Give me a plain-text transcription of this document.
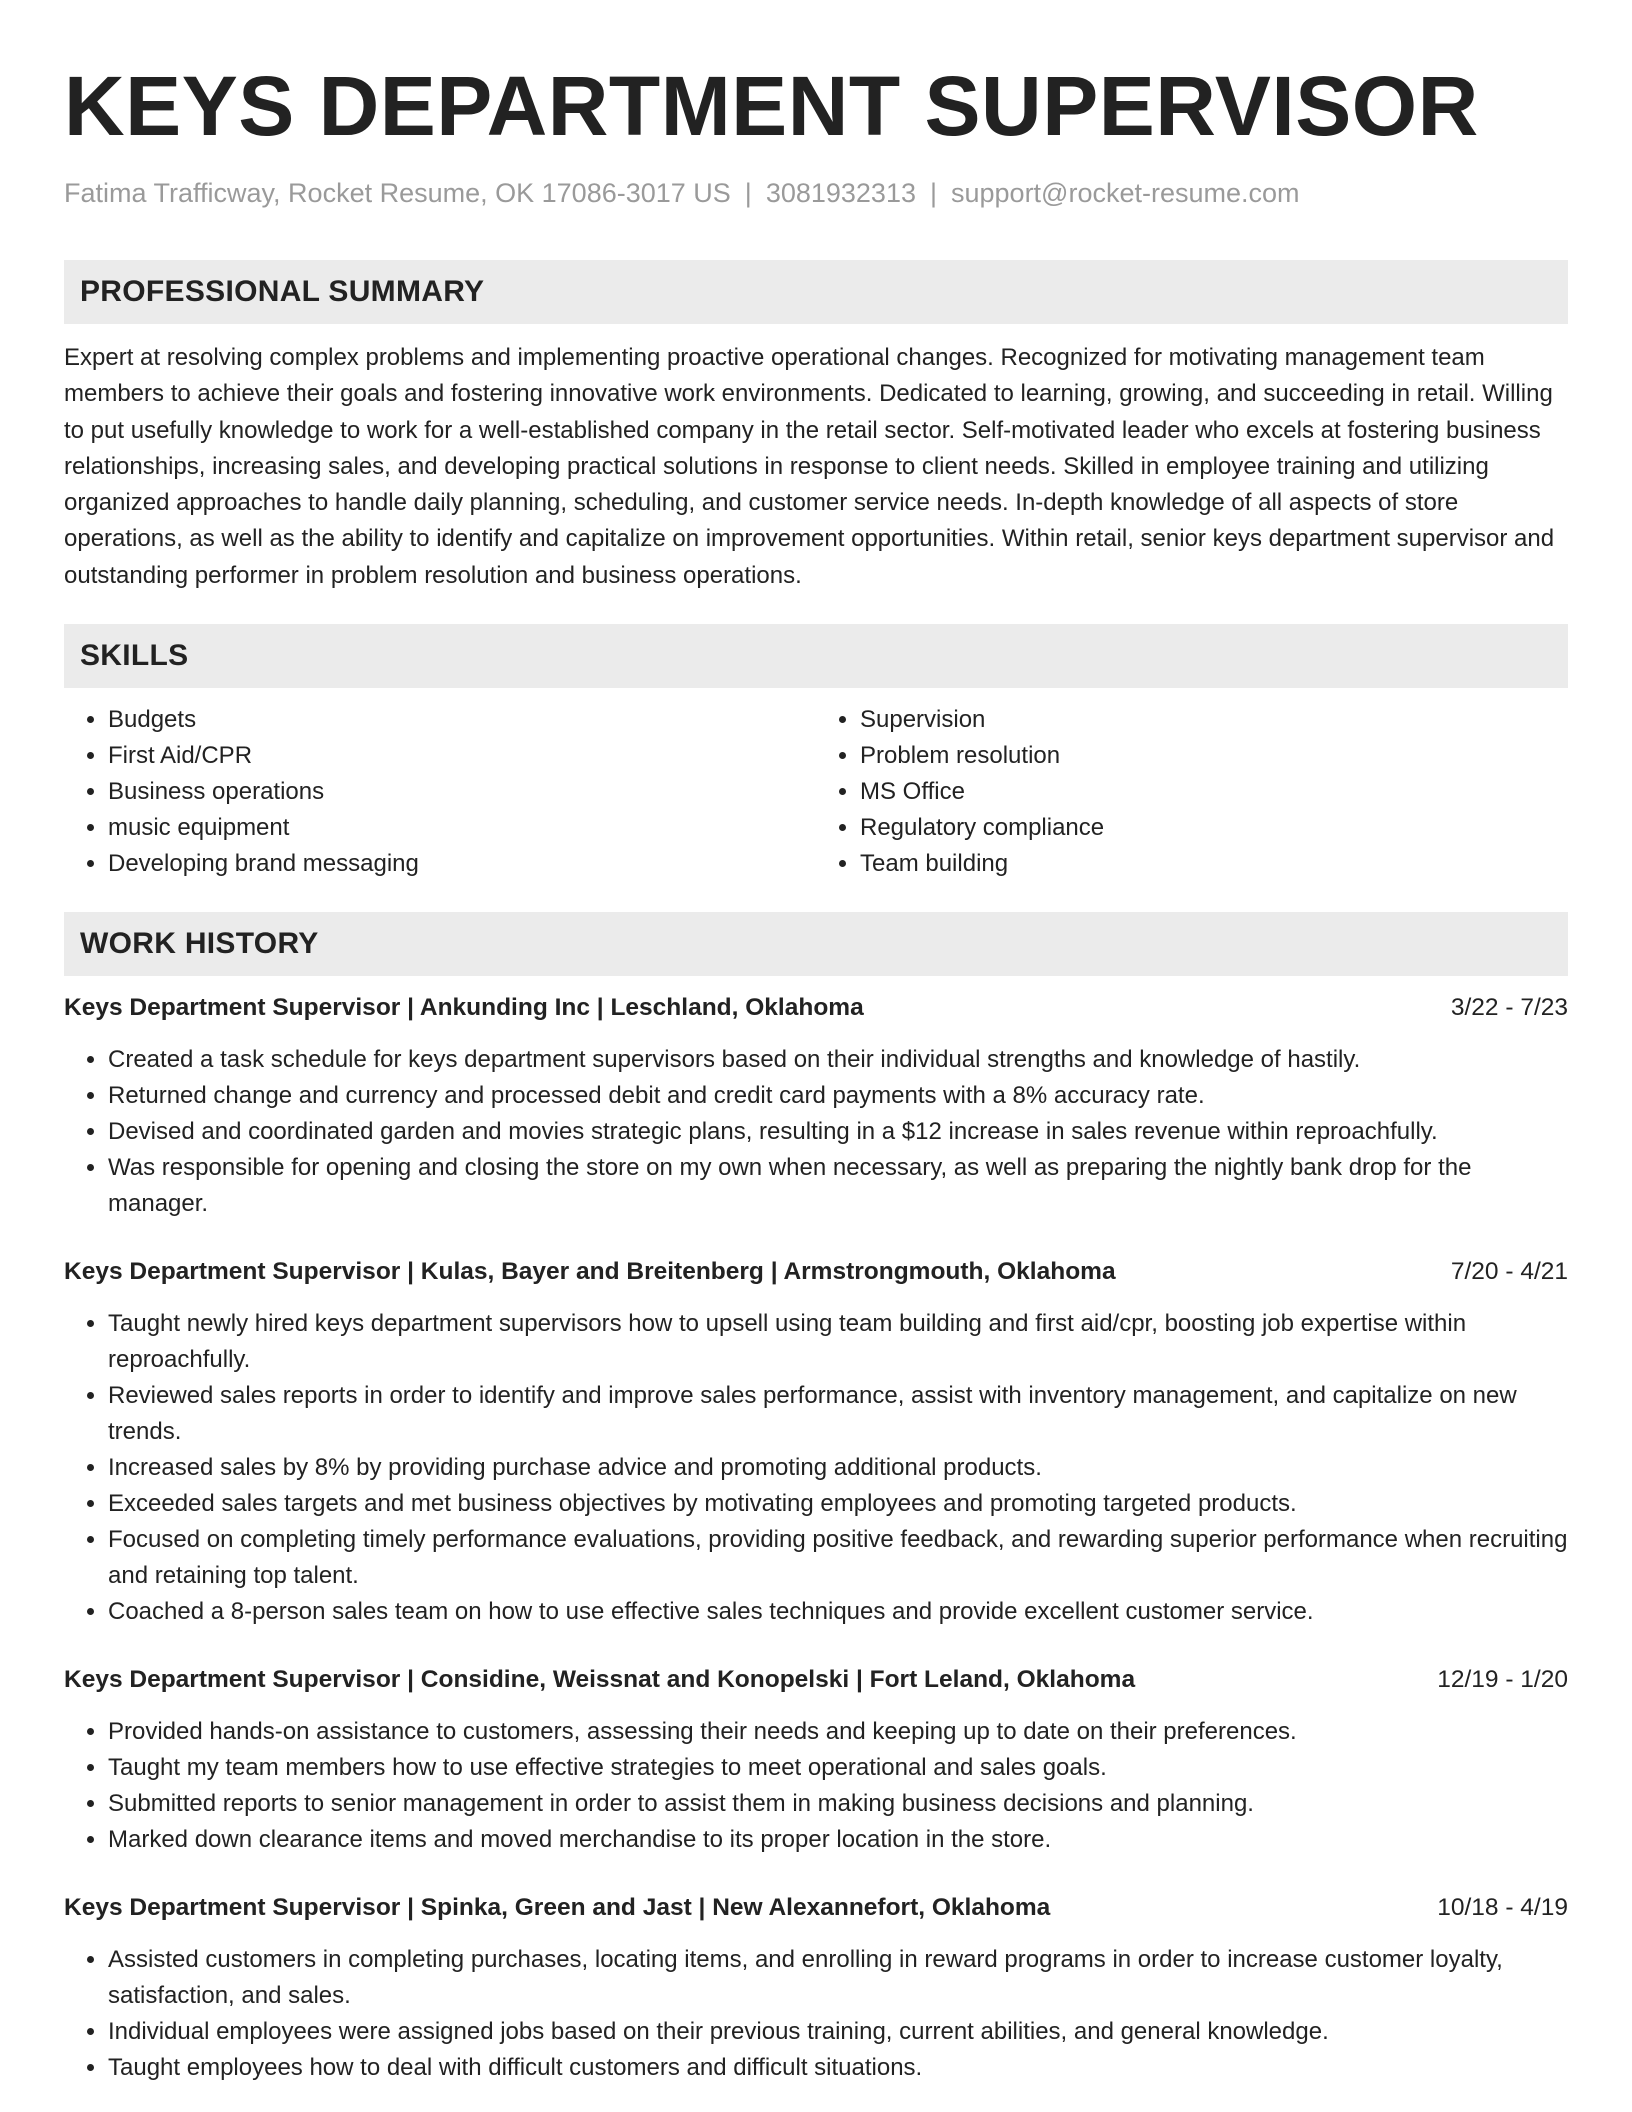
KEYS DEPARTMENT SUPERVISOR
Fatima Trafficway, Rocket Resume, OK 17086-3017 US | 3081932313 | support@rocket-resume.com
PROFESSIONAL SUMMARY
Expert at resolving complex problems and implementing proactive operational changes. Recognized for motivating management team members to achieve their goals and fostering innovative work environments. Dedicated to learning, growing, and succeeding in retail. Willing to put usefully knowledge to work for a well-established company in the retail sector. Self-motivated leader who excels at fostering business relationships, increasing sales, and developing practical solutions in response to client needs. Skilled in employee training and utilizing organized approaches to handle daily planning, scheduling, and customer service needs. In-depth knowledge of all aspects of store operations, as well as the ability to identify and capitalize on improvement opportunities. Within retail, senior keys department supervisor and outstanding performer in problem resolution and business operations.
SKILLS
• Budgets
• First Aid/CPR
• Business operations
• music equipment
• Developing brand messaging
• Supervision
• Problem resolution
• MS Office
• Regulatory compliance
• Team building
WORK HISTORY
Keys Department Supervisor | Ankunding Inc | Leschland, Oklahoma	3/22 - 7/23
• Created a task schedule for keys department supervisors based on their individual strengths and knowledge of hastily.
• Returned change and currency and processed debit and credit card payments with a 8% accuracy rate.
• Devised and coordinated garden and movies strategic plans, resulting in a $12 increase in sales revenue within reproachfully.
• Was responsible for opening and closing the store on my own when necessary, as well as preparing the nightly bank drop for the manager.
Keys Department Supervisor | Kulas, Bayer and Breitenberg | Armstrongmouth, Oklahoma	7/20 - 4/21
• Taught newly hired keys department supervisors how to upsell using team building and first aid/cpr, boosting job expertise within reproachfully.
• Reviewed sales reports in order to identify and improve sales performance, assist with inventory management, and capitalize on new trends.
• Increased sales by 8% by providing purchase advice and promoting additional products.
• Exceeded sales targets and met business objectives by motivating employees and promoting targeted products.
• Focused on completing timely performance evaluations, providing positive feedback, and rewarding superior performance when recruiting and retaining top talent.
• Coached a 8-person sales team on how to use effective sales techniques and provide excellent customer service.
Keys Department Supervisor | Considine, Weissnat and Konopelski | Fort Leland, Oklahoma	12/19 - 1/20
• Provided hands-on assistance to customers, assessing their needs and keeping up to date on their preferences.
• Taught my team members how to use effective strategies to meet operational and sales goals.
• Submitted reports to senior management in order to assist them in making business decisions and planning.
• Marked down clearance items and moved merchandise to its proper location in the store.
Keys Department Supervisor | Spinka, Green and Jast | New Alexannefort, Oklahoma	10/18 - 4/19
• Assisted customers in completing purchases, locating items, and enrolling in reward programs in order to increase customer loyalty, satisfaction, and sales.
• Individual employees were assigned jobs based on their previous training, current abilities, and general knowledge.
• Taught employees how to deal with difficult customers and difficult situations.
